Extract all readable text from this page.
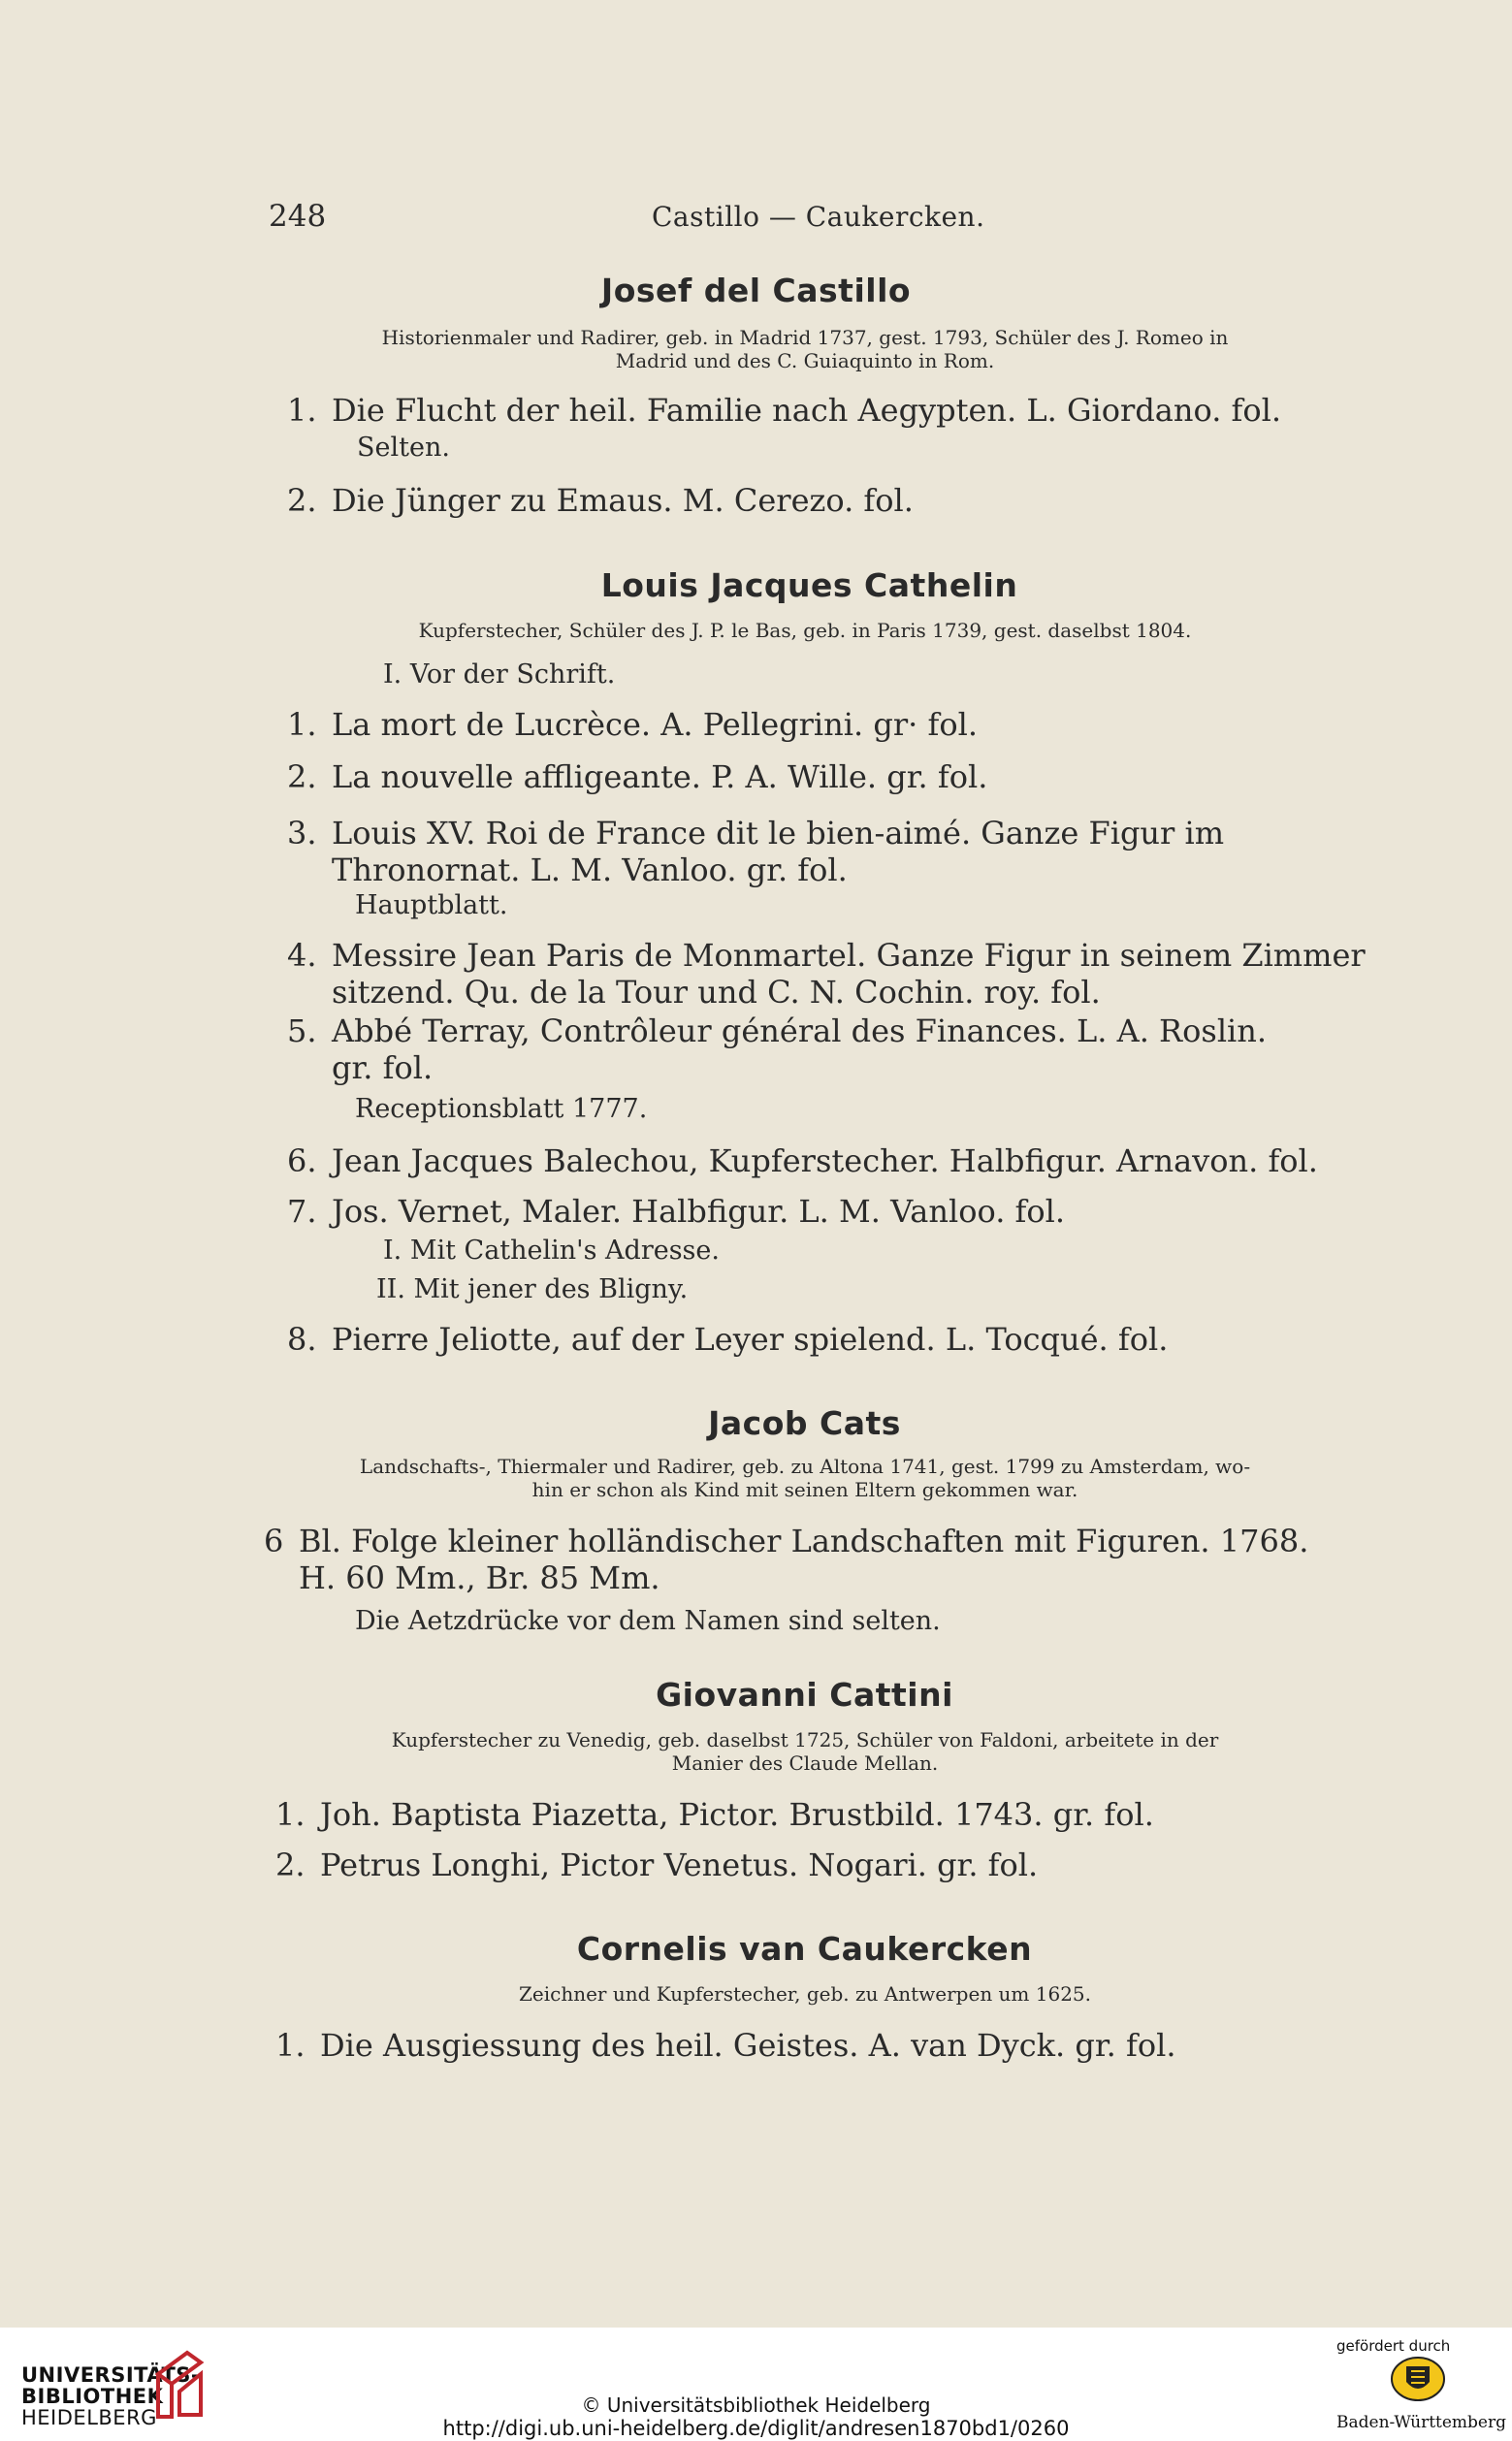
248	Castillo — Caukercken.
Josef del Castillo
Historienmaler und Radirer, geb. in Madrid 1737, gest. 1793, Schüler des J. Romeo in
Madrid und des C. Guiaquinto in Rom.
1. Die Flucht der heil. Familie nach Aegypten. L. Giordano. fol.
Selten.
2. Die Jünger zu Emaus. M. Cerezo. fol.
Louis Jacques Cathelin
Kupferstecher, Schüler des J. P. le Bas, geb. in Paris 1739, gest. daselbst 1804.
I. Vor der Schrift.
1. La mort de Lucrèce. A. Pellegrini. gr· fol.
2. La nouvelle affligeante. P. A. Wille. gr. fol.
3. Louis XV. Roi de France dit le bien-aimé. Ganze Figur im
Thronornat. L. M. Vanloo. gr. fol.
Hauptblatt.
4. Messire Jean Paris de Monmartel. Ganze Figur in seinem Zimmer
sitzend. Qu. de la Tour und C. N. Cochin. roy. fol.
5. Abbé Terray, Contrôleur général des Finances. L. A. Roslin.
gr. fol.
Receptionsblatt 1777.
6. Jean Jacques Balechou, Kupferstecher. Halbfigur. Arnavon. fol.
7. Jos. Vernet, Maler. Halbfigur. L. M. Vanloo. fol.
I. Mit Cathelin's Adresse.
II. Mit jener des Bligny.
8. Pierre Jeliotte, auf der Leyer spielend. L. Tocqué. fol.
Jacob Cats
Landschafts-, Thiermaler und Radirer, geb. zu Altona 1741, gest. 1799 zu Amsterdam, wo-
hin er schon als Kind mit seinen Eltern gekommen war.
6 Bl. Folge kleiner holländischer Landschaften mit Figuren. 1768.
H. 60 Mm., Br. 85 Mm.
Die Aetzdrücke vor dem Namen sind selten.
Giovanni Cattini
Kupferstecher zu Venedig, geb. daselbst 1725, Schüler von Faldoni, arbeitete in der
Manier des Claude Mellan.
1. Joh. Baptista Piazetta, Pictor. Brustbild. 1743. gr. fol.
2. Petrus Longhi, Pictor Venetus. Nogari. gr. fol.
Cornelis van Caukercken
Zeichner und Kupferstecher, geb. zu Antwerpen um 1625.
1. Die Ausgiessung des heil. Geistes. A. van Dyck. gr. fol.
UNIVERSITÄTS-
BIBLIOTHEK
HEIDELBERG
© Universitätsbibliothek Heidelberg
http://digi.ub.uni-heidelberg.de/diglit/andresen1870bd1/0260
gefördert durch
Baden-Württemberg
